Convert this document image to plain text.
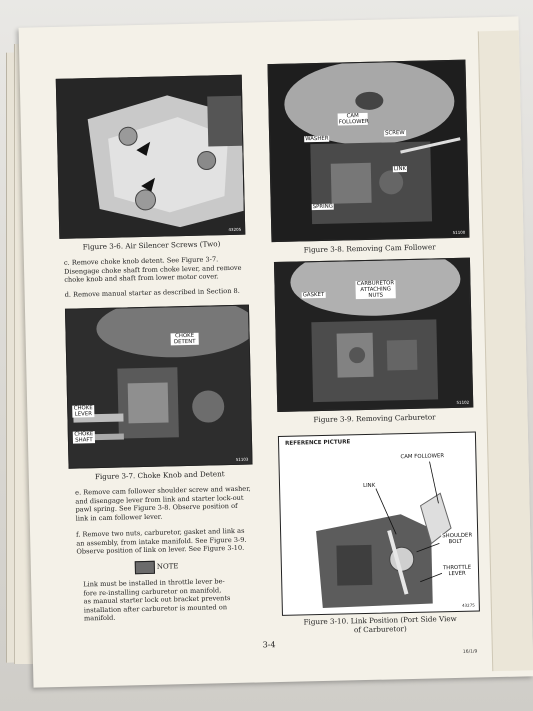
43205
Figure 3-6. Air Silencer Screws (Two)
c. Remove choke knob detent. See Figure 3-7.
Disengage choke shaft from choke lever, and remove
choke knob and shaft from lower motor cover.
d. Remove manual starter as described in Section 8.
CHOKE DETENT
CHOKE LEVER
CHOKE SHAFT
51103
Figure 3-7. Choke Knob and Detent
e. Remove cam follower shoulder screw and washer,
and disengage lever from link and starter lock-out
pawl spring. See Figure 3-8. Observe position of
link in cam follower lever.
f. Remove two nuts, carburetor, gasket and link as
an assembly, from intake manifold. See Figure 3-9.
Observe position of link on lever. See Figure 3-10.
NOTE
Link must be installed in throttle lever be-
fore re-installing carburetor on manifold,
as manual starter lock out bracket prevents
installation after carburetor is mounted on
manifold.
CAM FOLLOWER
WASHER
SCREW
LINK
SPRING
51100
Figure 3-8. Removing Cam Follower
GASKET
CARBURETOR ATTACHING NUTS
51102
Figure 3-9. Removing Carburetor
REFERENCE PICTURE
CAM FOLLOWER
LINK
SHOULDER BOLT
THROTTLE LEVER
43275
Figure 3-10. Link Position (Port Side View
of Carburetor)
3-4
16/1/9
